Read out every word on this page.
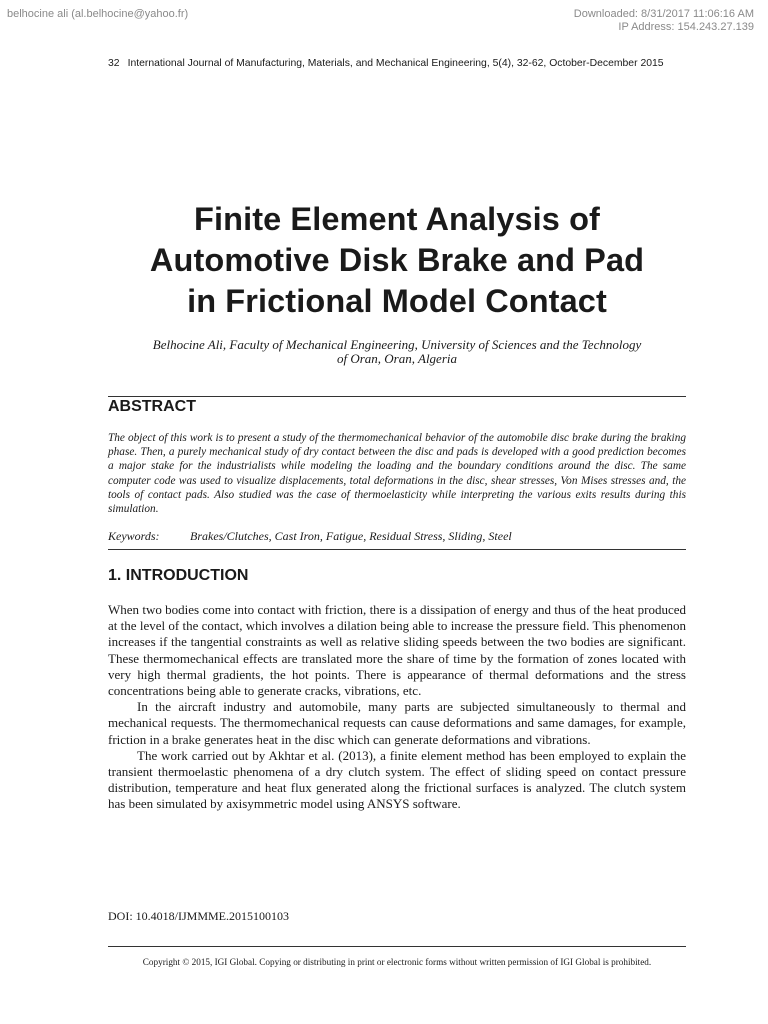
belhocine ali (al.belhocine@yahoo.fr)	Downloaded: 8/31/2017 11:06:16 AM
IP Address: 154.243.27.139
32 International Journal of Manufacturing, Materials, and Mechanical Engineering, 5(4), 32-62, October-December 2015
Finite Element Analysis of
Automotive Disk Brake and Pad
in Frictional Model Contact
Belhocine Ali, Faculty of Mechanical Engineering, University of Sciences and the Technology
of Oran, Oran, Algeria
ABSTRACT
The object of this work is to present a study of the thermomechanical behavior of the automobile disc brake during the braking phase. Then, a purely mechanical study of dry contact between the disc and pads is developed with a good prediction becomes a major stake for the industrialists while modeling the loading and the boundary conditions around the disc. The same computer code was used to visualize displacements, total deformations in the disc, shear stresses, Von Mises stresses and, the tools of contact pads. Also studied was the case of thermoelasticity while interpreting the various exits results during this simulation.
Keywords:	Brakes/Clutches, Cast Iron, Fatigue, Residual Stress, Sliding, Steel
1. INTRODUCTION

When two bodies come into contact with friction, there is a dissipation of energy and thus of the heat produced at the level of the contact, which involves a dilation being able to increase the pressure field. This phenomenon increases if the tangential constraints as well as relative sliding speeds between the two bodies are significant. These thermomechanical effects are translated more the share of time by the formation of zones located with very high thermal gradients, the hot points. There is appearance of thermal deformations and the stress concentrations being able to generate cracks, vibrations, etc.

In the aircraft industry and automobile, many parts are subjected simultaneously to thermal and mechanical requests. The thermomechanical requests can cause deformations and same damages, for example, friction in a brake generates heat in the disc which can generate deformations and vibrations.

The work carried out by Akhtar et al. (2013), a finite element method has been employed to explain the transient thermoelastic phenomena of a dry clutch system. The effect of sliding speed on contact pressure distribution, temperature and heat flux generated along the frictional surfaces is analyzed. The clutch system has been simulated by axisymmetric model using ANSYS software.

DOI: 10.4018/IJMMME.2015100103
Copyright © 2015, IGI Global. Copying or distributing in print or electronic forms without written permission of IGI Global is prohibited.
